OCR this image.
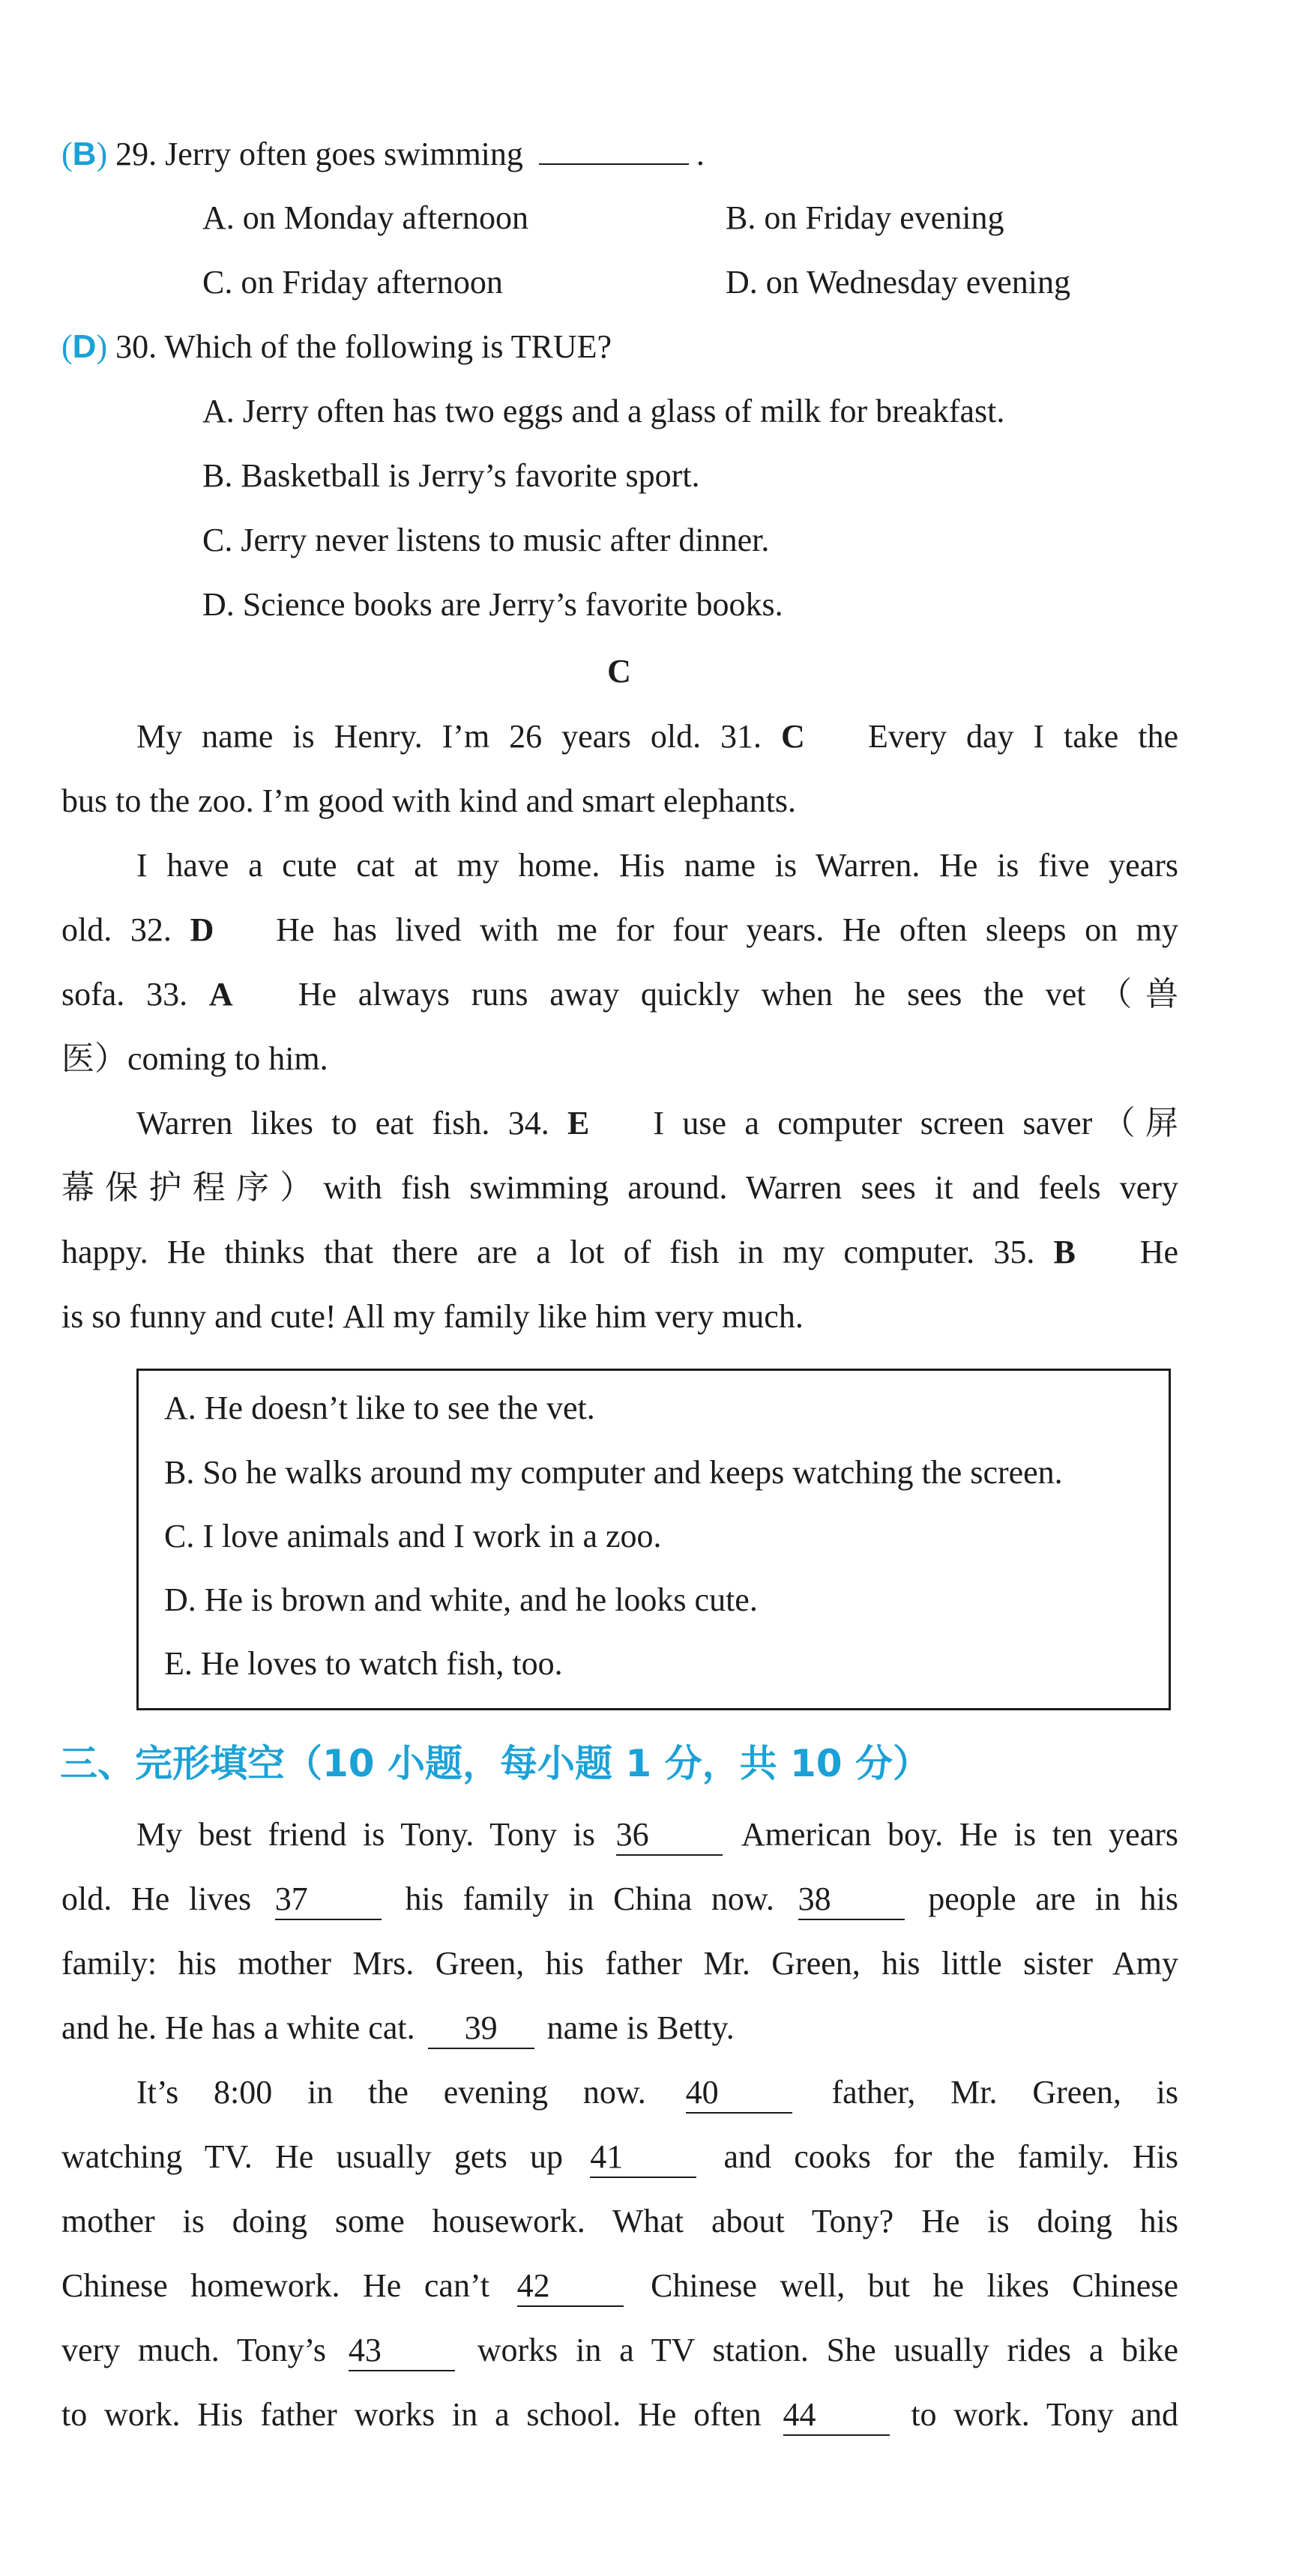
(B) 29. Jerry often goes swimming	.
A. on Monday afternoon	B. on Friday evening
C. on Friday afternoon	D. on Wednesday evening
(D) 30. Which of the following is TRUE?
A. Jerry often has two eggs and a glass of milk for breakfast.
B. Basketball is Jerry’s favorite sport.
C. Jerry never listens to music after dinner.
D. Science books are Jerry’s favorite books.
C
My name is Henry. I’m 26 years old. 31. C Every day I take the
bus to the zoo. I’m good with kind and smart elephants.
I have a cute cat at my home. His name is Warren. He is five years
old. 32. D He has lived with me for four years. He often sleeps on my
sofa. 33. A He always runs away quickly when he sees the vet（兽
医）coming to him.
Warren likes to eat fish. 34. E I use a computer screen saver（屏
幕保护程序）with fish swimming around. Warren sees it and feels very
happy. He thinks that there are a lot of fish in my computer. 35. B He
is so funny and cute! All my family like him very much.
A. He doesn’t like to see the vet.
B. So he walks around my computer and keeps watching the screen.
C. I love animals and I work in a zoo.
D. He is brown and white, and he looks cute.
E. He loves to watch fish, too.
三、完形填空（10 小题，每小题 1 分，共 10 分）
My best friend is Tony. Tony is 36	American boy. He is ten years
old. He lives 37	his family in China now. 38	people are in his
family: his mother Mrs. Green, his father Mr. Green, his little sister Amy
and he. He has a white cat. 39 name is Betty.
It’s 8:00 in the evening now. 40	father, Mr. Green, is
watching TV. He usually gets up 41	and cooks for the family. His
mother is doing some housework. What about Tony? He is doing his
Chinese homework. He can’t 42	Chinese well, but he likes Chinese
very much. Tony’s 43	works in a TV station. She usually rides a bike
to work. His father works in a school. He often 44	to work. Tony and
